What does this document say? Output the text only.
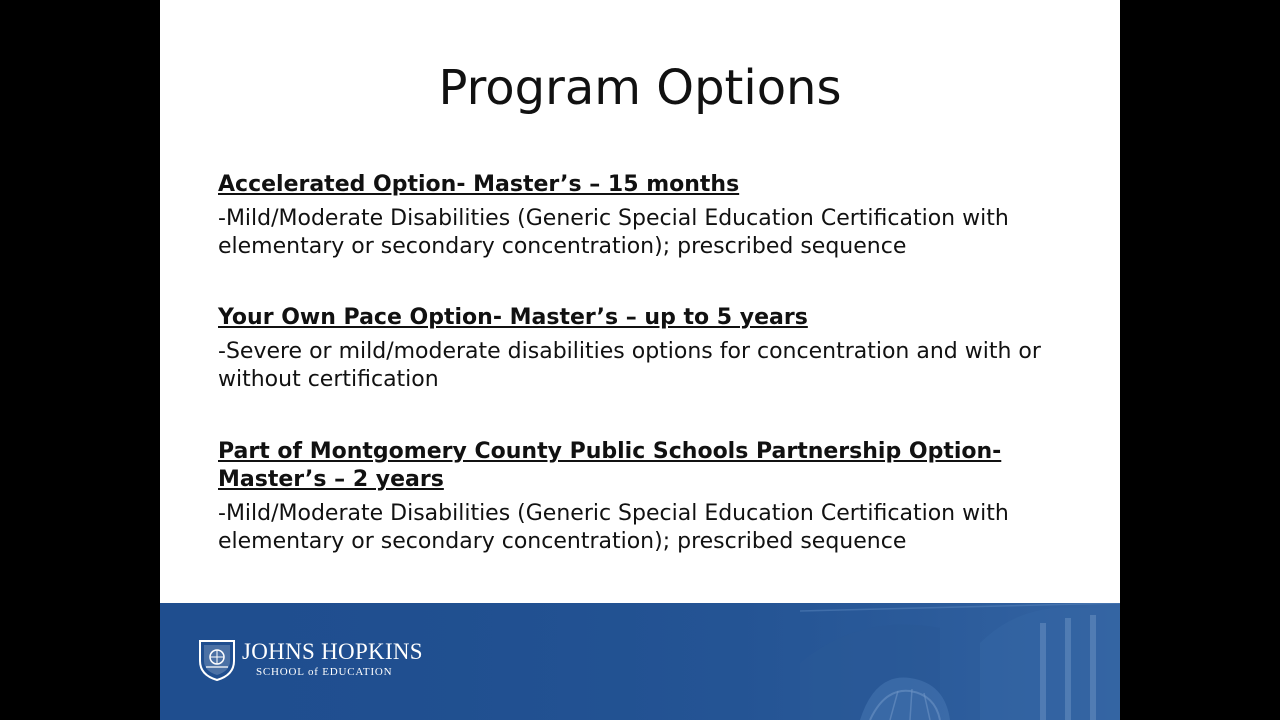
Program Options

Accelerated Option- Master’s – 15 months

-Mild/Moderate Disabilities (Generic Special Education Certification with elementary or secondary concentration); prescribed sequence

Your Own Pace Option- Master’s – up to 5 years

-Severe or mild/moderate disabilities options for concentration and with or without certification

Part of Montgomery County Public Schools Partnership Option- Master’s – 2 years

-Mild/Moderate Disabilities (Generic Special Education Certification with elementary or secondary concentration); prescribed sequence

JOHNS HOPKINS
SCHOOL of EDUCATION
